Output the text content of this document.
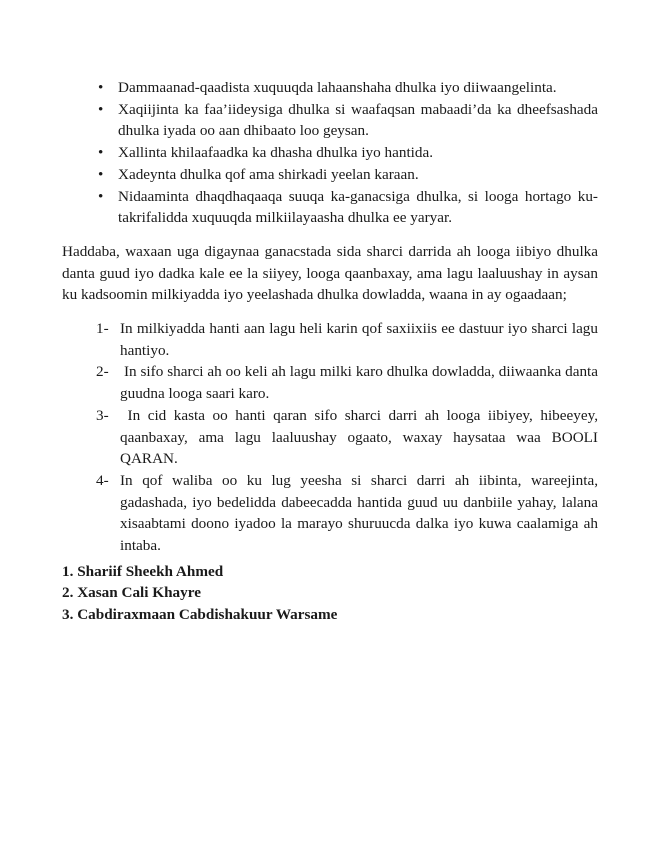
• Dammaanad-qaadista xuquuqda lahaanshaha dhulka iyo diiwaangelinta.
• Xaqiijinta ka faa’iideysiga dhulka si waafaqsan mabaadi’da ka dheefsashada dhulka iyada oo aan dhibaato loo geysan.
• Xallinta khilaafaadka ka dhasha dhulka iyo hantida.
• Xadeynta dhulka qof ama shirkadi yeelan karaan.
• Nidaaminta dhaqdhaqaaqa suuqa ka-ganacsiga dhulka, si looga hortago ku-takrifalidda xuquuqda milkiilayaasha dhulka ee yaryar.

Haddaba, waxaan uga digaynaa ganacstada sida sharci darrida ah looga iibiyo dhulka danta guud iyo dadka kale ee la siiyey, looga qaanbaxay, ama lagu laaluushay in aysan ku kadsoomin milkiyadda iyo yeelashada dhulka dowladda, waana in ay ogaadaan;

1- In milkiyadda hanti aan lagu heli karin qof saxiixiis ee dastuur iyo sharci lagu hantiyo.
2- In sifo sharci ah oo keli ah lagu milki karo dhulka dowladda, diiwaanka danta guudna looga saari karo.
3- In cid kasta oo hanti qaran sifo sharci darri ah looga iibiyey, hibeeyey, qaanbaxay, ama lagu laaluushay ogaato, waxay haysataa waa BOOLI QARAN.
4- In qof waliba oo ku lug yeesha si sharci darri ah iibinta, wareejinta, gadashada, iyo bedelidda dabeecadda hantida guud uu danbiile yahay, lalana xisaabtami doono iyadoo la marayo shuruucda dalka iyo kuwa caalamiga ah intaba.
1. Shariif Sheekh Ahmed
2. Xasan Cali Khayre
3. Cabdiraxmaan Cabdishakuur Warsame
